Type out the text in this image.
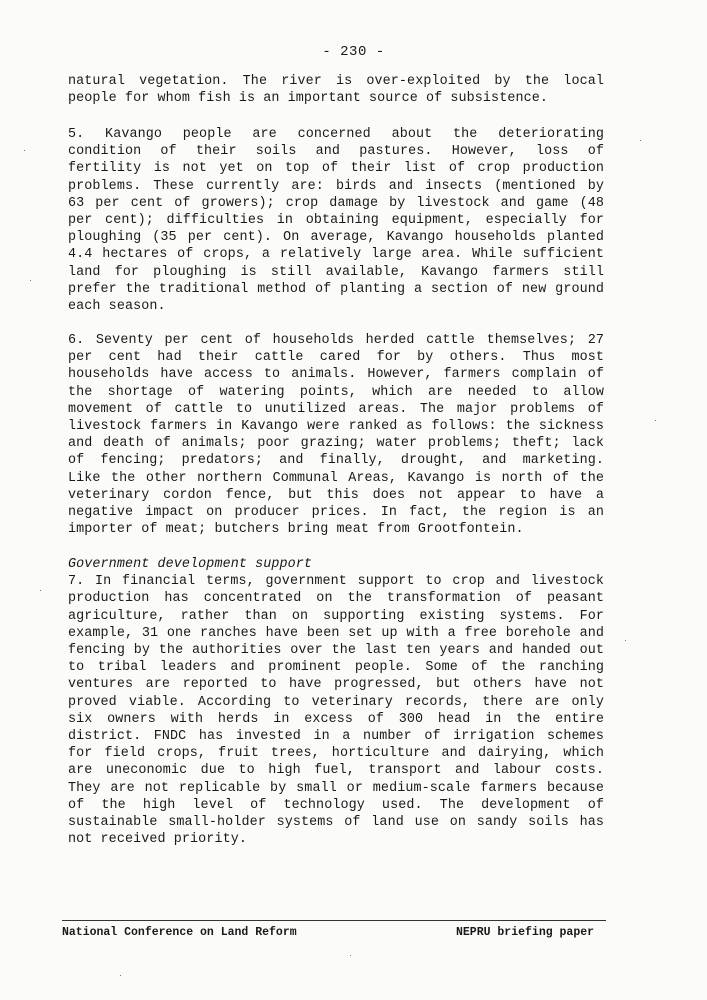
- 230 -
natural vegetation. The river is over-exploited by the local
people for whom fish is an important source of subsistence.
5. Kavango people are concerned about the deteriorating
condition of their soils and pastures. However, loss of
fertility is not yet on top of their list of crop production
problems. These currently are: birds and insects (mentioned by
63 per cent of growers); crop damage by livestock and game (48
per cent); difficulties in obtaining equipment, especially for
ploughing (35 per cent). On average, Kavango households planted
4.4 hectares of crops, a relatively large area. While sufficient
land for ploughing is still available, Kavango farmers still
prefer the traditional method of planting a section of new ground
each season.
6. Seventy per cent of households herded cattle themselves; 27
per cent had their cattle cared for by others. Thus most
households have access to animals. However, farmers complain of
the shortage of watering points, which are needed to allow
movement of cattle to unutilized areas. The major problems of
livestock farmers in Kavango were ranked as follows: the sickness
and death of animals; poor grazing; water problems; theft; lack
of fencing; predators; and finally, drought, and marketing.
Like the other northern Communal Areas, Kavango is north of the
veterinary cordon fence, but this does not appear to have a
negative impact on producer prices. In fact, the region is an
importer of meat; butchers bring meat from Grootfontein.
Government development support
7. In financial terms, government support to crop and livestock
production has concentrated on the transformation of peasant
agriculture, rather than on supporting existing systems. For
example, 31 one ranches have been set up with a free borehole and
fencing by the authorities over the last ten years and handed out
to tribal leaders and prominent people. Some of the ranching
ventures are reported to have progressed, but others have not
proved viable. According to veterinary records, there are only
six owners with herds in excess of 300 head in the entire
district. FNDC has invested in a number of irrigation schemes
for field crops, fruit trees, horticulture and dairying, which
are uneconomic due to high fuel, transport and labour costs.
They are not replicable by small or medium-scale farmers because
of the high level of technology used. The development of
sustainable small-holder systems of land use on sandy soils has
not received priority.
National Conference on Land Reform	NEPRU briefing paper
